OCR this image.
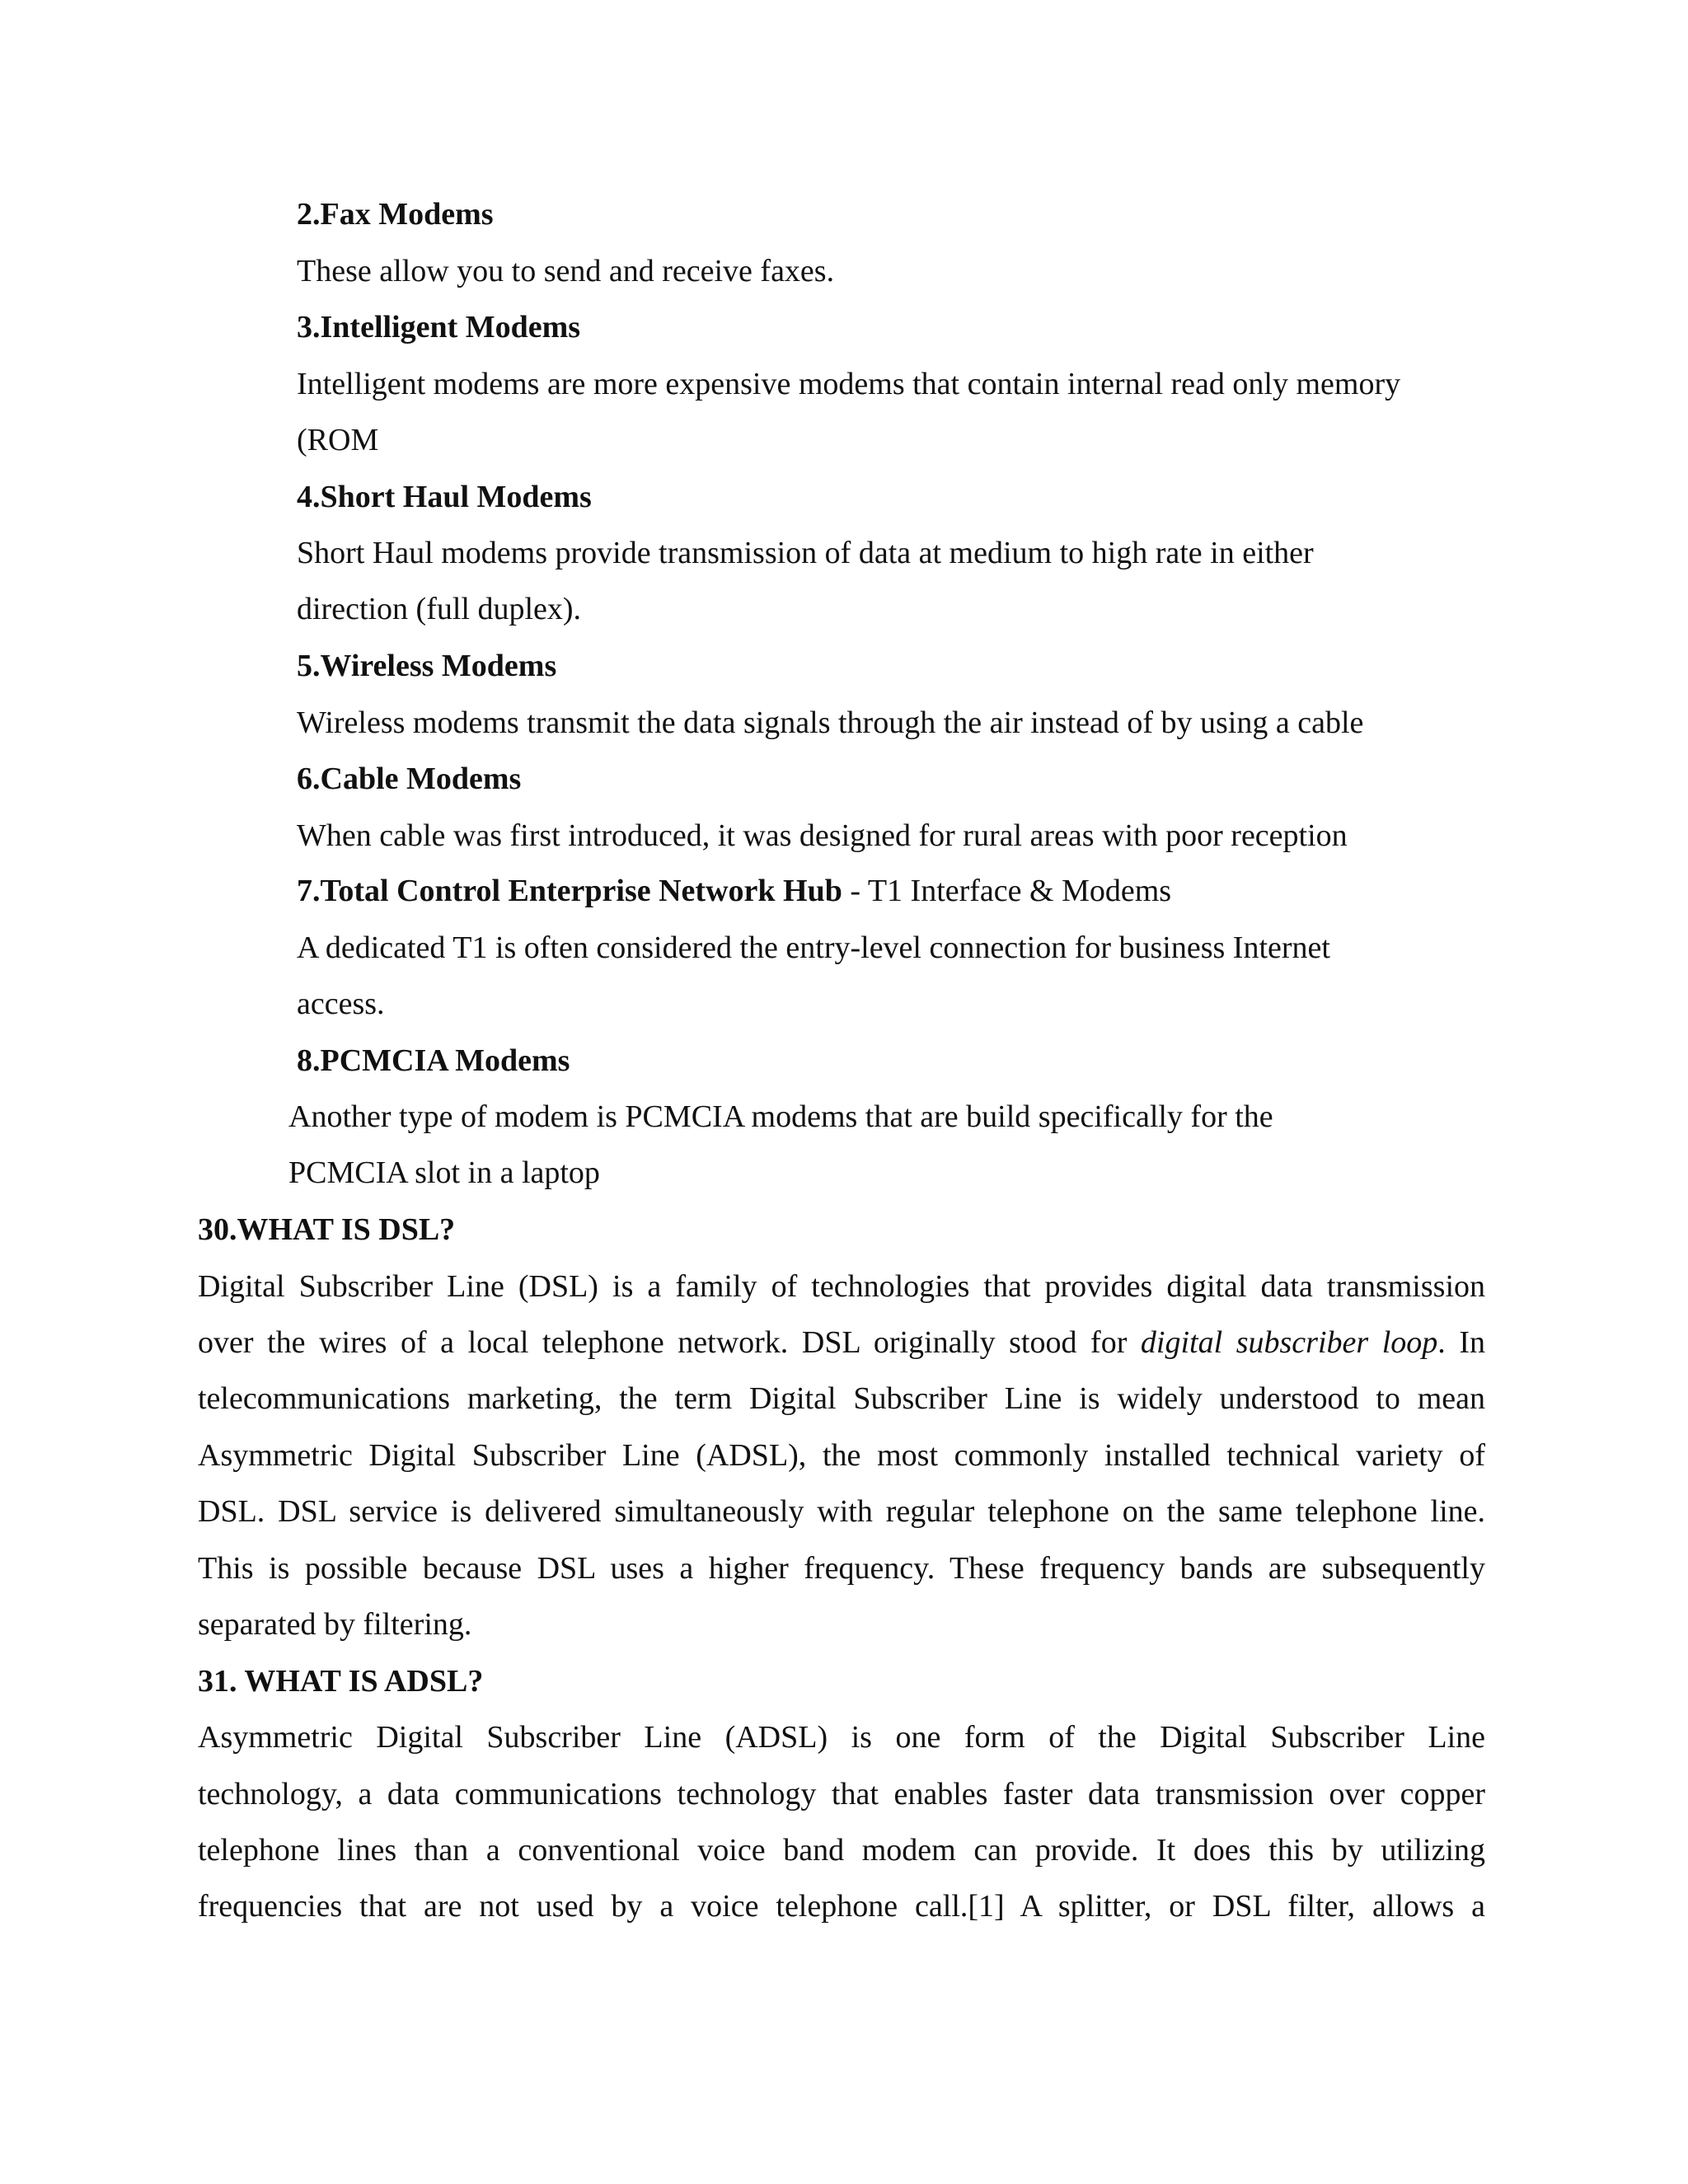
2.Fax Modems
These allow you to send and receive faxes.
3.Intelligent Modems
Intelligent modems are more expensive modems that contain internal read only memory
(ROM
4.Short Haul Modems
Short Haul modems provide transmission of data at medium to high rate in either
direction (full duplex).
5.Wireless Modems
Wireless modems transmit the data signals through the air instead of by using a cable
6.Cable Modems
When cable was first introduced, it was designed for rural areas with poor reception
7.Total Control Enterprise Network Hub - T1 Interface & Modems
A dedicated T1 is often considered the entry-level connection for business Internet
access.
8.PCMCIA Modems
Another type of modem is PCMCIA modems that are build specifically for the
PCMCIA slot in a laptop
30.WHAT IS DSL?
Digital Subscriber Line (DSL) is a family of technologies that provides digital data transmission
over the wires of a local telephone network. DSL originally stood for digital subscriber loop. In
telecommunications marketing, the term Digital Subscriber Line is widely understood to mean
Asymmetric Digital Subscriber Line (ADSL), the most commonly installed technical variety of
DSL. DSL service is delivered simultaneously with regular telephone on the same telephone line.
This is possible because DSL uses a higher frequency. These frequency bands are subsequently
separated by filtering.
31. WHAT IS ADSL?
Asymmetric Digital Subscriber Line (ADSL) is one form of the Digital Subscriber Line
technology, a data communications technology that enables faster data transmission over copper
telephone lines than a conventional voice band modem can provide. It does this by utilizing
frequencies that are not used by a voice telephone call.[1] A splitter, or DSL filter, allows a
